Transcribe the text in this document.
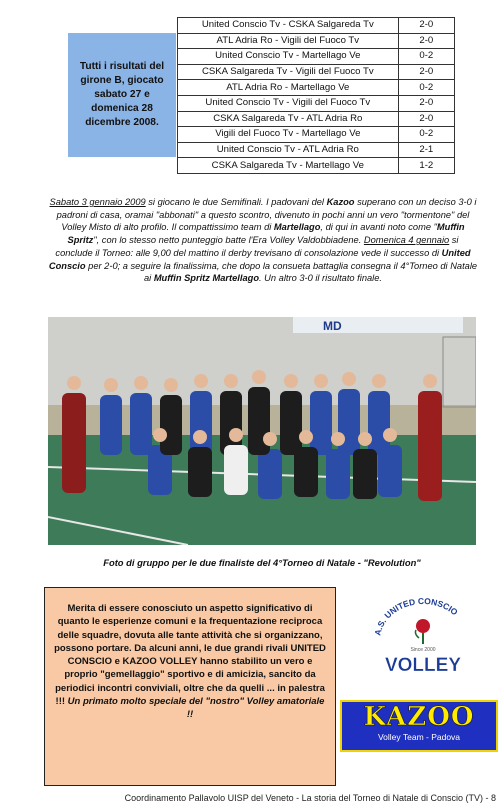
Tutti i risultati del girone B, giocato sabato 27 e domenica 28 dicembre 2008.
United Conscio Tv - CSKA Salgareda Tv	2-0
ATL Adria Ro - Vigili del Fuoco Tv	2-0
United Conscio Tv - Martellago Ve	0-2
CSKA Salgareda Tv - Vigili del Fuoco Tv	2-0
ATL Adria Ro - Martellago Ve	0-2
United Conscio Tv - Vigili del Fuoco Tv	2-0
CSKA Salgareda Tv - ATL Adria Ro	2-0
Vigili del Fuoco Tv - Martellago Ve	0-2
United Conscio Tv - ATL Adria Ro	2-1
CSKA Salgareda Tv - Martellago Ve	1-2
Sabato 3 gennaio 2009 si giocano le due Semifinali. I padovani del Kazoo superano con un deciso 3-0 i padroni di casa, oramai "abbonati" a questo scontro, divenuto in pochi anni un vero "tormentone" del Volley Misto di alto profilo. Il compattissimo team di Martellago, di qui in avanti noto come "Muffin Spritz", con lo stesso netto punteggio batte l'Era Volley Valdobbiadene. Domenica 4 gennaio si conclude il Torneo: alle 9,00 del mattino il derby trevisano di consolazione vede il successo di United Conscio per 2-0; a seguire la finalissima, che dopo la consueta battaglia consegna il 4°Torneo di Natale ai Muffin Spritz Martellago. Un altro 3-0 il risultato finale.
MD
Foto di gruppo per le due finaliste del 4°Torneo di Natale - "Revolution"
Merita di essere conosciuto un aspetto significativo di quanto le esperienze comuni e la frequentazione reciproca delle squadre, dovuta alle tante attività che si organizzano, possono portare. Da alcuni anni, le due grandi rivali UNITED CONSCIO e KAZOO VOLLEY hanno stabilito un vero e proprio "gemellaggio" sportivo e di amicizia, sancito da periodici incontri conviviali, oltre che da quelli ... in palestra !!! Un primato molto speciale del "nostro" Volley amatoriale !!
A.S. UNITED CONSCIO
Since 2000
VOLLEY
KAZOO
Volley Team - Padova
Coordinamento Pallavolo UISP del Veneto - La storia del Torneo di Natale di Conscio (TV) - 8
